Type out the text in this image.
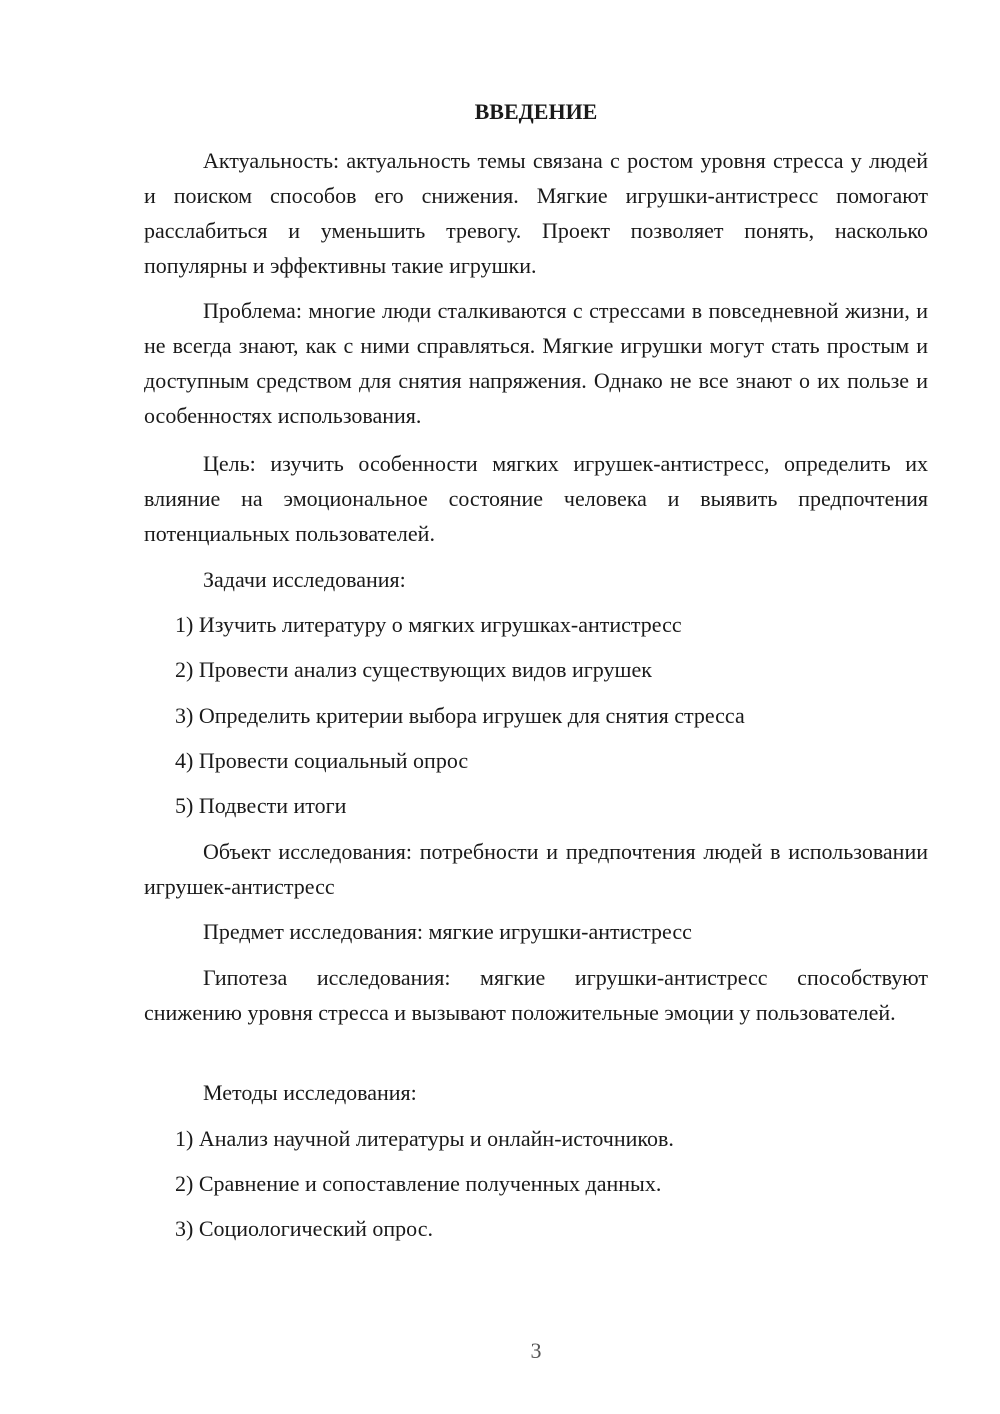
ВВЕДЕНИЕ

Актуальность: актуальность темы связана с ростом уровня стресса у людей и поиском способов его снижения. Мягкие игрушки-антистресс помогают расслабиться и уменьшить тревогу. Проект позволяет понять, насколько популярны и эффективны такие игрушки.

Проблема: многие люди сталкиваются с стрессами в повседневной жизни, и не всегда знают, как с ними справляться. Мягкие игрушки могут стать простым и доступным средством для снятия напряжения. Однако не все знают о их пользе и особенностях использования.

Цель: изучить особенности мягких игрушек-антистресс, определить их влияние на эмоциональное состояние человека и выявить предпочтения потенциальных пользователей.

Задачи исследования:

1) Изучить литературу о мягких игрушках-антистресс

2) Провести анализ существующих видов игрушек

3) Определить критерии выбора игрушек для снятия стресса

4) Провести социальный опрос

5) Подвести итоги

Объект исследования: потребности и предпочтения людей в использовании игрушек-антистресс

Предмет исследования: мягкие игрушки-антистресс

Гипотеза исследования: мягкие игрушки-антистресс способствуют снижению уровня стресса и вызывают положительные эмоции у пользователей.

Методы исследования:

1) Анализ научной литературы и онлайн-источников.

2) Сравнение и сопоставление полученных данных.

3) Социологический опрос.

3
